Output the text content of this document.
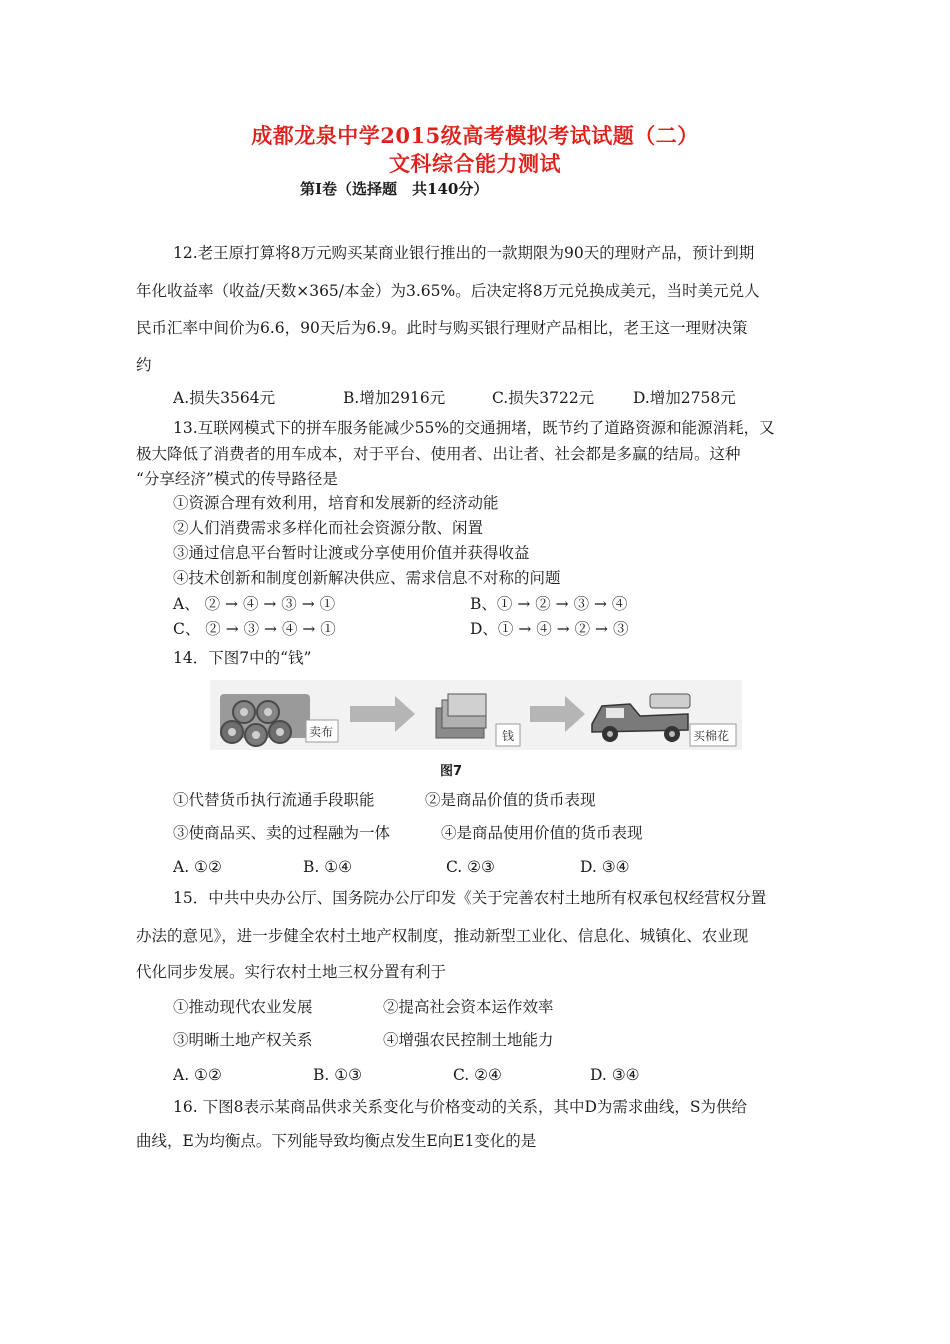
成都龙泉中学2015级高考模拟考试试题（二）
文科综合能力测试
第Ⅰ卷（选择题　共140分）
12.老王原打算将8万元购买某商业银行推出的一款期限为90天的理财产品，预计到期
年化收益率（收益/天数×365/本金）为3.65%。后决定将8万元兑换成美元，当时美元兑人
民币汇率中间价为6.6，90天后为6.9。此时与购买银行理财产品相比，老王这一理财决策
约
A.损失3564元	B.增加2916元	C.损失3722元	D.增加2758元
13.互联网模式下的拼车服务能减少55%的交通拥堵，既节约了道路资源和能源消耗，又
极大降低了消费者的用车成本，对于平台、使用者、出让者、社会都是多赢的结局。这种
“分享经济”模式的传导路径是
①资源合理有效利用，培育和发展新的经济动能
②人们消费需求多样化而社会资源分散、闲置
③通过信息平台暂时让渡或分享使用价值并获得收益
④技术创新和制度创新解决供应、需求信息不对称的问题
A、 ② → ④ → ③ → ①	B、① → ② → ③ → ④
C、 ② → ③ → ④ → ①	D、① → ④ → ② → ③
14．下图7中的“钱”
卖布	钱	买棉花
图7
①代替货币执行流通手段职能	②是商品价值的货币表现
③使商品买、卖的过程融为一体	④是商品使用价值的货币表现
A. ①②	B. ①④	C. ②③	D. ③④
15．中共中央办公厅、国务院办公厅印发《关于完善农村土地所有权承包权经营权分置
办法的意见》，进一步健全农村土地产权制度，推动新型工业化、信息化、城镇化、农业现
代化同步发展。实行农村土地三权分置有利于
①推动现代农业发展	②提高社会资本运作效率
③明晰土地产权关系	④增强农民控制土地能力
A. ①②	B. ①③	C. ②④	D. ③④
16. 下图8表示某商品供求关系变化与价格变动的关系，其中D为需求曲线，S为供给
曲线，E为均衡点。下列能导致均衡点发生E向E1变化的是
